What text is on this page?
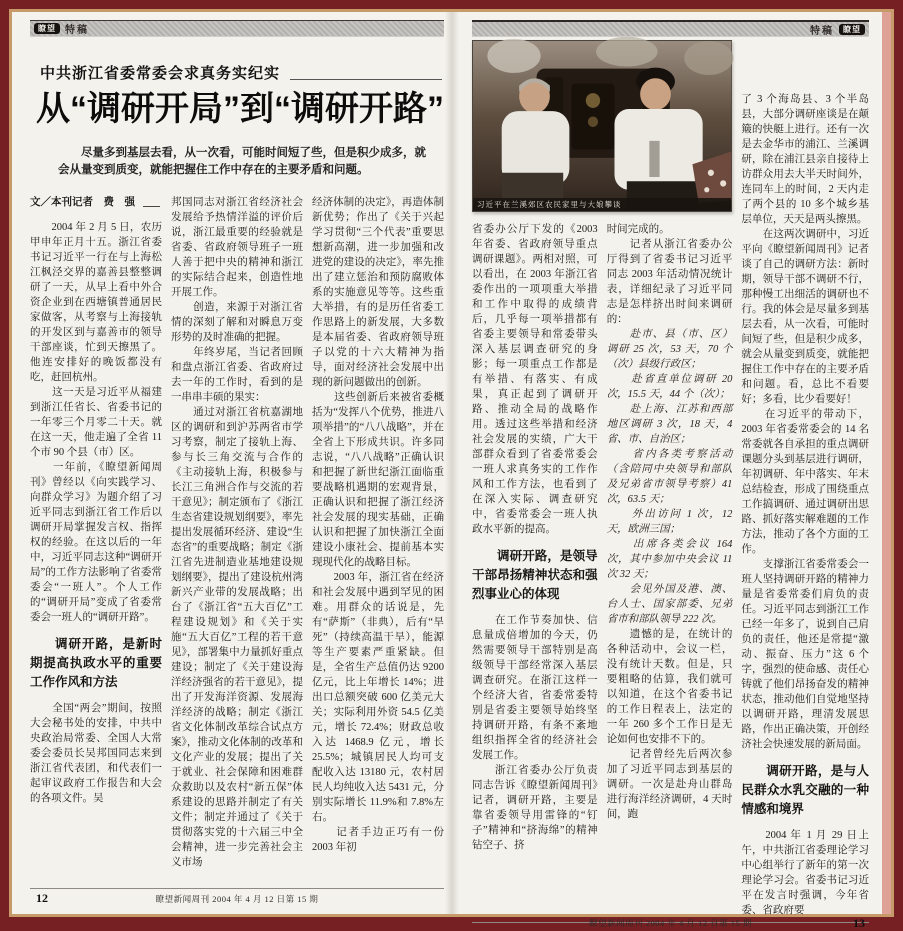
瞭望 特稿
中共浙江省委常委会求真务实纪实
从“调研开局”到“调研开路”
尽量多到基层去看，从一次看，可能时间短了些，但是积少成多，就会从量变到质变，就能把握住工作中存在的主要矛盾和问题。
文／本刊记者　费　强

　　2004 年 2 月 5 日，农历甲申年正月十五。浙江省委书记习近平一行在与上海松江枫泾交界的嘉善县整整调研了一天，从早上看中外合资企业到在西塘镇普通居民家做客，从考察与上海接轨的开发区到与嘉善市的领导干部座谈，忙到天擦黑了。他连安排好的晚饭都没有吃，赶回杭州。

　　这一天是习近平从福建到浙江任省长、省委书记的一年零三个月零二十天。就在这一天，他走遍了全省 11 个市 90 个县（市）区。

　　一年前，《瞭望新闻周刊》曾经以《向实践学习、向群众学习》为题介绍了习近平同志到浙江省工作后以调研开局掌握发言权、指挥权的经验。在这以后的一年中，习近平同志这种“调研开局”的工作方法影响了省委常委会“一班人”。个人工作的“调研开局”变成了省委常委会一班人的“调研开路”。

调研开路，是新时期提高执政水平的重要工作作风和方法

　　全国“两会”期间，按照大会秘书处的安排，中共中央政治局常委、全国人大常委会委员长吴邦国同志来到浙江省代表团，和代表们一起审议政府工作报告和大会的各项文件。吴

邦国同志对浙江省经济社会发展给予热情洋溢的评价后说，浙江最重要的经验就是省委、省政府领导班子一班人善于把中央的精神和浙江的实际结合起来，创造性地开展工作。

　　创造，来源于对浙江省情的深刻了解和对瞬息万变形势的及时准确的把握。

　　年终岁尾，当记者回顾和盘点浙江省委、省政府过去一年的工作时，看到的是一串串丰硕的果实：

　　通过对浙江省杭嘉湖地区的调研和到沪苏两省市学习考察，制定了接轨上海、参与长三角交流与合作的《主动接轨上海，积极参与长江三角洲合作与交流的若干意见》；制定颁布了《浙江生态省建设规划纲要》，率先提出发展循环经济、建设“生态省”的重要战略；制定《浙江省先进制造业基地建设规划纲要》，提出了建设杭州湾新兴产业带的发展战略；出台了《浙江省“五大百亿”工程建设规划》和《关于实施“五大百亿”工程的若干意见》，部署集中力量抓好重点建设；制定了《关于建设海洋经济强省的若干意见》，提出了开发海洋资源、发展海洋经济的战略；制定《浙江省文化体制改革综合试点方案》，推动文化体制的改革和文化产业的发展；提出了关于就业、社会保障和困难群众救助以及农村“新五保”体系建设的思路并制定了有关文件；制定并通过了《关于贯彻落实党的十六届三中全会精神，进一步完善社会主义市场

经济体制的决定》，再造体制新优势；作出了《关于兴起学习贯彻“三个代表”重要思想新高潮，进一步加强和改进党的建设的决定》，率先推出了建立惩治和预防腐败体系的实施意见等等。这些重大举措，有的是历任省委工作思路上的新发展，大多数是本届省委、省政府领导班子以党的十六大精神为指导，面对经济社会发展中出现的新问题做出的创新。

　　这些创新后来被省委概括为“发挥八个优势，推进八项举措”的“八八战略”，并在全省上下形成共识。许多同志说，“八八战略”正确认识和把握了新世纪浙江面临重要战略机遇期的宏观背景，正确认识和把握了浙江经济社会发展的现实基础，正确认识和把握了加快浙江全面建设小康社会、提前基本实现现代化的战略目标。

　　2003 年，浙江省在经济和社会发展中遇到罕见的困难。用群众的话说是，先有“萨斯”（非典），后有“旱死”（持续高温干旱），能源等生产要素严重紧缺。但是，全省生产总值仍达 9200 亿元，比上年增长 14%；进出口总额突破 600 亿美元大关；实际利用外资 54.5 亿美元，增长 72.4%；财政总收入达 1468.9 亿元，增长 25.5%；城镇居民人均可支配收入达 13180 元，农村居民人均纯收入达 5431 元，分别实际增长 11.9%和 7.8%左右。

　　记者手边正巧有一份 2003 年初

12	瞭望新闻周刊 2004 年 4 月 12 日第 15 期
特稿	瞭望
习近平在兰溪郊区农民家里与大娘攀谈

省委办公厅下发的《2003 年省委、省政府领导重点调研课题》。两相对照，可以看出，在 2003 年浙江省委作出的一项项重大举措和工作中取得的成绩背后，几乎每一项举措都有省委主要领导和常委带头深入基层调查研究的身影；每一项重点工作都是有举措、有落实、有成果，真正起到了调研开路、推动全局的战略作用。透过这些举措和经济社会发展的实绩，广大干部群众看到了省委常委会一班人求真务实的工作作风和工作方法，也看到了在深入实际、调查研究中，省委常委会一班人执政水平新的提高。

调研开路，是领导干部昂扬精神状态和强烈事业心的体现

　　在工作节奏加快、信息量成倍增加的今天，仍然需要领导干部特别是高级领导干部经常深入基层调查研究。在浙江这样一个经济大省，省委常委特别是省委主要领导始终坚持调研开路，有条不紊地组织指挥全省的经济社会发展工作。

　　浙江省委办公厅负责同志告诉《瞭望新闻周刊》记者，调研开路，主要是靠省委领导用雷锋的“钉子”精神和“挤海绵”的精神钻空子、挤

时间完成的。

　　记者从浙江省委办公厅得到了省委书记习近平同志 2003 年活动情况统计表，详细纪录了习近平同志是怎样挤出时间来调研的：

　　赴市、县（市、区）调研 25 次，53 天，70 个（次）县级行政区；

　　赴省直单位调研 20 次，15.5 天，44 个（次）；

　　赴上海、江苏和西部地区调研 3 次，18 天，4 省、市、自治区；

　　省内各类考察活动（含陪同中央领导和部队及兄弟省市领导考察）41 次，63.5 天；

　　外出访问 1 次，12 天，欧洲三国；

　　出席各类会议 164 次，其中参加中央会议 11 次 32 天；

　　会见外国及港、澳、台人士、国家部委、兄弟省市和部队领导 222 次。

　　遗憾的是，在统计的各种活动中，会议一栏，没有统计天数。但是，只要粗略的估算，我们就可以知道，在这个省委书记的工作日程表上，法定的一年 260 多个工作日是无论如何也安排不下的。

　　记者曾经先后两次参加了习近平同志到基层的调研。一次是赴舟山群岛进行海洋经济调研，4 天时间，跑

了 3 个海岛县、3 个半岛县，大部分调研座谈是在颠簸的快艇上进行。还有一次是去金华市的浦江、兰溪调研，除在浦江县亲自接待上访群众用去大半天时间外，连同车上的时间，2 天内走了两个县的 10 多个城乡基层单位，天天是两头擦黑。

　　在这两次调研中，习近平向《瞭望新闻周刊》记者谈了自己的调研方法：新时期，领导干部不调研不行，那种慢工出细活的调研也不行。我的体会是尽量多到基层去看，从一次看，可能时间短了些，但是积少成多，就会从量变到质变，就能把握住工作中存在的主要矛盾和问题。看，总比不看要好；多看，比少看要好！

　　在习近平的带动下，2003 年省委常委会的 14 名常委就各自承担的重点调研课题分头到基层进行调研，年初调研、年中落实、年末总结检查，形成了围绕重点工作搞调研、通过调研出思路、抓好落实解难题的工作方法，推动了各个方面的工作。

　　支撑浙江省委常委会一班人坚持调研开路的精神力量是省委常委们肩负的责任。习近平同志到浙江工作已经一年多了，说到自己肩负的责任，他还是常提“激动、振奋、压力”这 6 个字，强烈的使命感、责任心铸就了他们昂扬奋发的精神状态，推动他们自觉地坚持以调研开路，理清发展思路，作出正确决策，开创经济社会快速发展的新局面。

调研开路，是与人民群众水乳交融的一种情感和境界

　　2004 年 1 月 29 日上午，中共浙江省委理论学习中心组举行了新年的第一次理论学习会。省委书记习近平在发言时强调，今年省委、省政府要

瞭望新闻周刊 2004 年 4 月 12 日第 15 期	13
